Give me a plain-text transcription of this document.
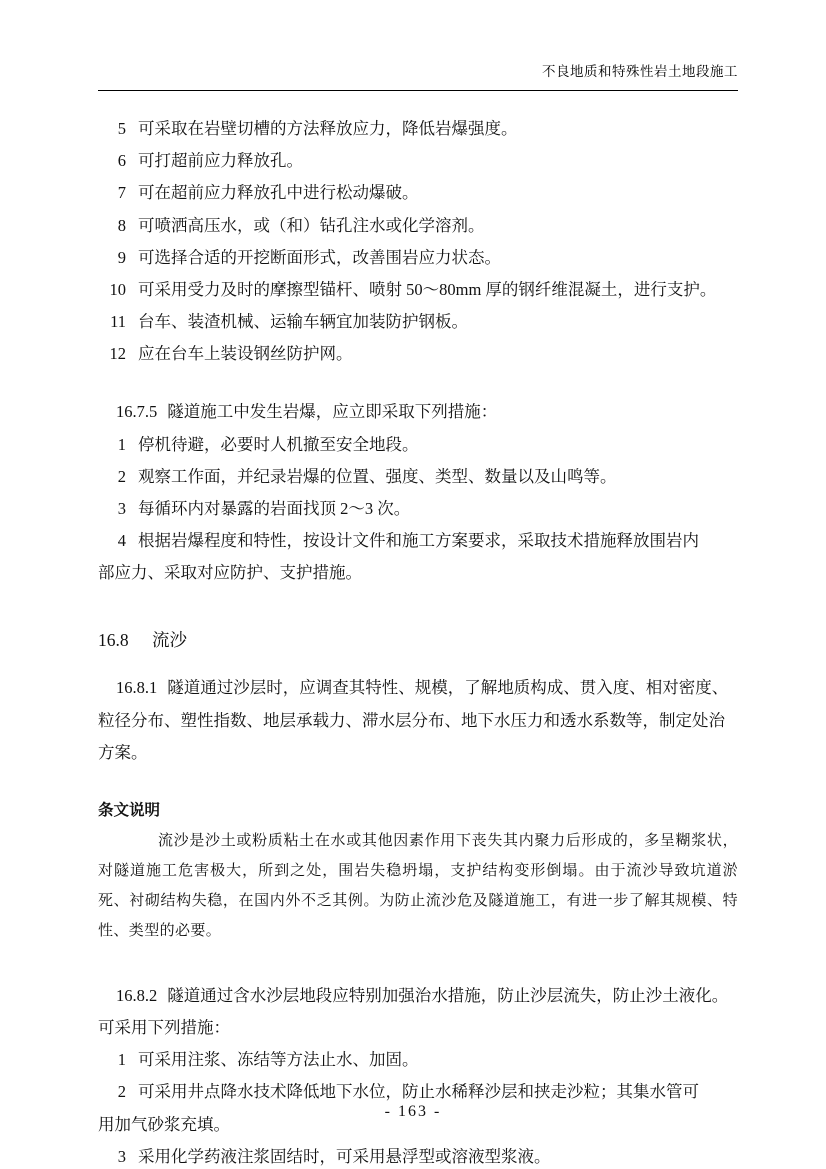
不良地质和特殊性岩土地段施工
5 可采取在岩壁切槽的方法释放应力，降低岩爆强度。
6 可打超前应力释放孔。
7 可在超前应力释放孔中进行松动爆破。
8 可喷洒高压水，或（和）钻孔注水或化学溶剂。
9 可选择合适的开挖断面形式，改善围岩应力状态。
10 可采用受力及时的摩擦型锚杆、喷射 50～80mm 厚的钢纤维混凝土，进行支护。
11 台车、装渣机械、运输车辆宜加装防护钢板。
12 应在台车上装设钢丝防护网。
16.7.5 隧道施工中发生岩爆，应立即采取下列措施：
1 停机待避，必要时人机撤至安全地段。
2 观察工作面，并纪录岩爆的位置、强度、类型、数量以及山鸣等。
3 每循环内对暴露的岩面找顶 2～3 次。
4 根据岩爆程度和特性，按设计文件和施工方案要求，采取技术措施释放围岩内
部应力、采取对应防护、支护措施。
16.8 流沙
16.8.1 隧道通过沙层时，应调查其特性、规模，了解地质构成、贯入度、相对密度、
粒径分布、塑性指数、地层承载力、滞水层分布、地下水压力和透水系数等，制定处治
方案。
条文说明
流沙是沙土或粉质粘土在水或其他因素作用下丧失其内聚力后形成的，多呈糊浆状，对隧道施工危害极大，所到之处，围岩失稳坍塌，支护结构变形倒塌。由于流沙导致坑道淤死、衬砌结构失稳，在国内外不乏其例。为防止流沙危及隧道施工，有进一步了解其规模、特性、类型的必要。
16.8.2 隧道通过含水沙层地段应特别加强治水措施，防止沙层流失，防止沙土液化。
可采用下列措施：
1 可采用注浆、冻结等方法止水、加固。
2 可采用井点降水技术降低地下水位，防止水稀释沙层和挟走沙粒；其集水管可
用加气砂浆充填。
3 采用化学药液注浆固结时，可采用悬浮型或溶液型浆液。
- 163 -
